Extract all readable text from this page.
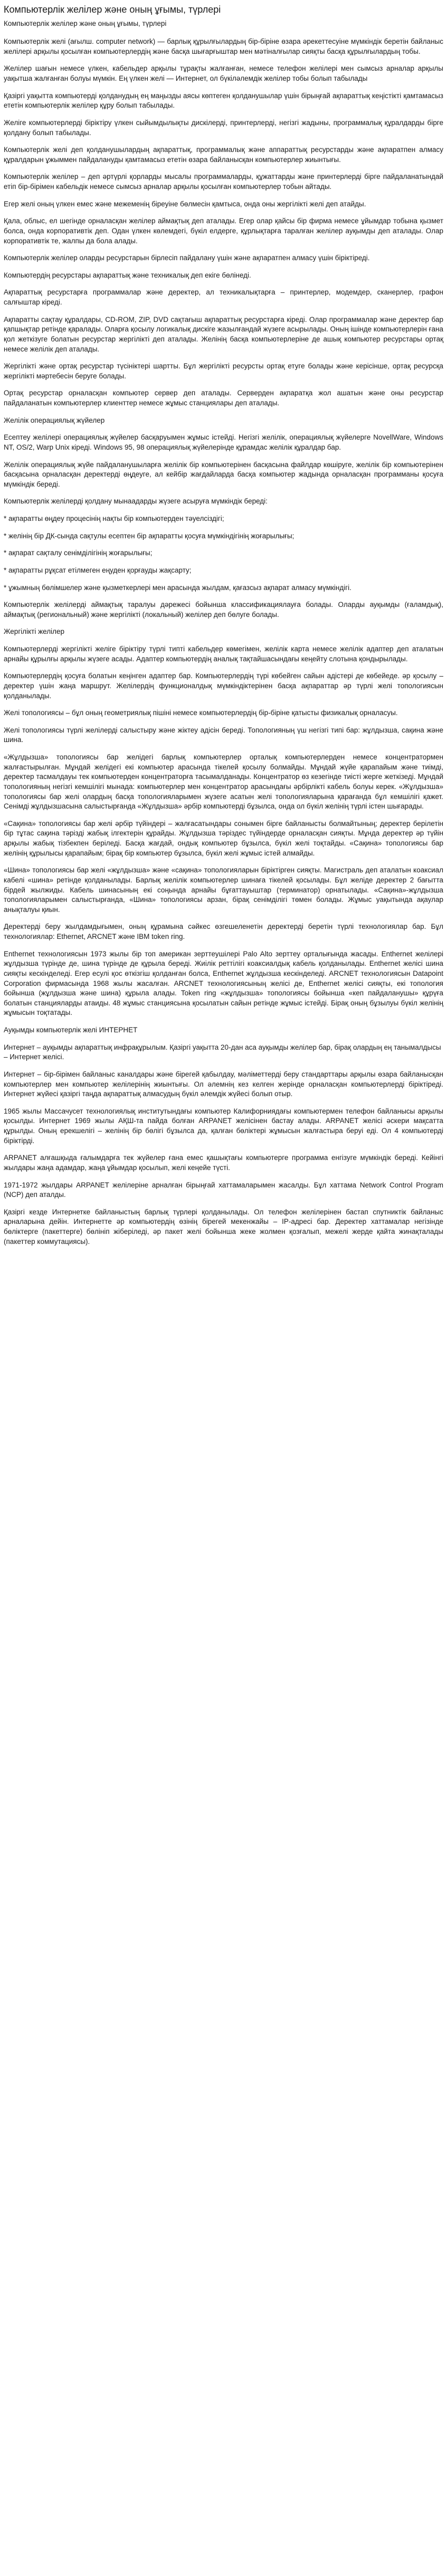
Компьютерлік желілер және оның ұғымы, түрлері
Компьютерлік желілер және оның ұғымы, түрлері

Компьютерлік желі (ағылш. computer network) — барлық құрылғылардың бір-біріне өзара әрекеттесуіне мүмкіндік беретін байланыс желілері арқылы қосылған компьютерлердің және басқа шығарғыштар мен мәтіналғылар сияқты басқа құрылғылардың тобы.

Желілер шағын немесе үлкен, кабельдер арқылы тұрақты жалғанған, немесе телефон желілері мен сымсыз арналар арқылы уақытша жалғанған болуы мүмкін. Ең үлкен желі — Интернет, ол бүкіләлемдік желілер тобы болып табылады

Қазіргі уақытта компьютерді қолданудың ең маңызды аясы көптеген қолданушылар үшін бірыңғай ақпараттық кеңістікті қамтамасыз ететін компьютерлік желілер құру болып табылады.

Желіге компьютерлерді біріктіру үлкен сыйымдылықты дискілерді, принтерлерді, негізгі жадыны, программалық құралдарды бірге қолдану болып табылады.

Компьютерлік желі деп қолданушылардың ақпараттық, программалық және аппараттық ресурстарды және ақпаратпен алмасу құралдарын ұжыммен пайдалануды қамтамасыз ететін өзара байланысқан компьютерлер жиынтығы.

Компьютерлік желілер – деп әртүрлі қорларды мысалы программаларды, құжаттарды және принтерлерді бірге пайдаланатындай етіп бір-бірімен кабельдік немесе сымсыз арналар арқылы қосылған компьютерлер тобын айтады.

Егер желі оның үлкен емес және межеменің біреуіне бөлмесін қамтыса, онда оны жергілікті желі деп атайды.

Қала, облыс, ел шегінде орналасқан желілер аймақтық деп аталады. Егер олар қайсы бір фирма немесе ұйымдар тобына қызмет болса, онда корпоративтік деп. Одан үлкен көлемдегі, бүкіл елдерге, құрлықтарға таралған желілер ауқымды деп аталады. Олар корпоративтік те, жалпы да бола алады.

Компьютерлік желілер оларды ресурстарын бірлесіп пайдалану үшін және ақпаратпен алмасу үшін біріктіреді.

Компьютердің ресурстары ақпараттық және техникалық деп екіге бөлінеді.

Ақпараттық ресурстарға программалар және деректер, ал техникалықтарға – принтерлер, модемдер, сканерлер, графон салғыштар кіреді.

Ақпаратты сақтау құралдары, CD-ROM, ZIP, DVD сақтағыш ақпараттық ресурстарға кіреді. Олар программалар және деректер бар қапшықтар ретінде қаралады. Оларға қосылу логикалық дискіге жазылғандай жүзеге асырылады. Оның ішінде компьютерлерін ғана қол жеткізуге болатын ресурстар жергілікті деп аталады. Желінің басқа компьютерлеріне де ашық компьютер ресурстары ортақ немесе желілік деп аталады.

Жергілікті және ортақ ресурстар түсініктері шартты. Бұл жергілікті ресурсты ортақ етуге болады және керісінше, ортақ ресурсқа жергілікті мәртебесін беруге болады.

Ортақ ресурстар орналасқан компьютер сервер деп аталады. Серверден ақпаратқа жол ашатын және оны ресурстар пайдаланатын компьютерлер клиенттер немесе жұмыс станциялары деп аталады.

Желілік операциялық жүйелер

Есептеу желілері операциялық жүйелер басқаруымен жұмыс істейді. Негізгі желілік, операциялық жүйелерге NovellWare, Windows NT, OS/2, Warp Unix кіреді. Windows 95, 98 операциялық жүйелерінде құрамдас желілік құралдар бар.

Желілік операциялық жүйе пайдаланушыларға желілік бір компьютерінен басқасына файлдар көшіруге, желілік бір компьютерінен басқасына орналасқан деректерді өңдеуге, ал кейбір жағдайларда басқа компьютер жадында орналасқан программаны қосуға мүмкіндік береді.

Компьютерлік желілерді қолдану мынаадарды жүзеге асыруға мүмкіндік береді:

* ақпаратты өңдеу процесінің нақты бір компьютерден тәуелсіздігі;

* желінің бір ДК-сында сақтулы есептен бір ақпаратты қосуға мүмкіндігінің жоғарылығы;

* ақпарат сақталу сенімділігінің жоғарылығы;

* ақпаратты рұқсат етілмеген еңуден қорғауды жақсарту;

* ұжымның бөлімшелер және қызметкерлері мен арасында жылдам, қағазсыз ақпарат алмасу мүмкіндігі.

Компьютерлік желілерді аймақтық таралуы дәрежесі бойынша классификациялауға болады. Оларды ауқымды (ғаламдық), аймақтық (региональный) және жергілікті (локальный) желілер деп бөлуге болады.

Жергілікті желілер

Компьютерлерді жергілікті желіге біріктіру түрлі типті кабельдер көмегімен, желілік карта немесе желілік адаптер деп аталатын арнайы құрылғы арқылы жүзеге асады. Адаптер компьютердің аналық тақтайшасындағы кеңейту слотына қондырылады.

Компьютерлердің қосуға болатын кеңінген адаптер бар. Компьютерлердің түрі көбейген сайын адістері де көбейеде. әр қосылу – деректер үшін жаңа маршрут. Желілердің функционалдық мүмкіндіктерінен басқа ақпараттар әр түрлі желі топологиясын қолданылады.

Желі топологиясы – бұл оның геометриялық пішіні немесе компьютерлердің бір-біріне қатысты физикалық орналасуы.

Желі топологиясы түрлі желілерді салыстыру және жіктеу адісін береді. Топологияның үш негізгі типі бар: жұлдызша, сақина және шина.

«Жұлдызша» топологиясы бар желідегі барлық компьютерлер орталық компьютерлерден немесе концентратормен жалғастырылған. Мұндай желідегі екі компьютер арасында тікелей қосылу болмайды. Мұндай жүйе қарапайым және тиімді, деректер тасмалдауы тек компьютерден концентраторға тасымалданады. Концентратор өз кезегінде тиісті жерге жеткізеді. Мұндай топологияның негізгі кемшілігі мынада: компьютерлер мен концентратор арасындағы әрбірлікті кабель болуы керек. «Жұлдызша» топологиясы бар желі олардың басқа топологияларымен жүзеге асатын желі топологияларына қарағанда бұл кемшілігі қажет. Сенімді жұлдызшасына салыстырғанда «Жұлдызша» әрбір компьютерді бұзылса, онда ол бүкіл желінің түрлі істен шығарады.

«Сақина» топологиясы бар желі әрбір түйіндері – жалғасатындары сонымен бірге байланысты болмайтының; деректер берілетін бір тұтас сақина тәрізді жабық ілгектерін құрайды. Жұлдызша тәріздес түйіндерде орналасқан сияқты. Мұнда деректер әр түйін арқылы жабық тізбекпен беріледі. Басқа жағдай, ондық компьютер бұзылса, бүкіл желі тоқтайды. «Сақина» топологиясы бар желінің құрылысы қарапайым; бірақ бір компьютер бұзылса, бүкіл желі жұмыс істей алмайды.

«Шина» топологиясы бар желі «жұлдызша» және «сақина» топологияларын біріктірген сияқты. Магистраль деп аталатын коаксиал кабелі «шина» ретінде қолданылады. Барлық желілік компьютерлер шинаға тікелей қосылады. Бұл желіде деректер 2 бағытта бірдей жылжиды. Кабель шинасының екі соңында арнайы бұғаттауыштар (терминатор) орнатылады. «Сақина»-жұлдызша топологияларымен салыстырғанда, «Шина» топологиясы арзан, бірақ сенімділігі төмен болады. Жұмыс уақытында ақаулар анықталуы қиын.

Деректерді беру жылдамдығымен, оның құрамына сәйкес өзгешеленетін деректерді беретін түрлі технологиялар бар. Бұл технологиялар: Ethernet, ARCNET және IBM token ring.

Enthernet технологиясын 1973 жылы бір топ американ зерттеушілері Palo Alto зерттеу орталығында жасады. Enthernet желілері жұлдызша түрінде де, шина түрінде де құрыла береді. Жиілік реттілігі коаксиалдық кабель қолданылады. Enthernet желісі шина сияқты кескінделеді. Егер есулі қос өткізгіш қолданған болса, Enthernet жұлдызша кескінделеді. ARCNET технологиясын Datapoint Corporation фирмасында 1968 жылы жасалған. ARCNET технологиясының желісі де, Enthernet желісі сияқты, екі топология бойынша (жұлдызша және шина) құрыла алады. Token ring «жұлдызша» топологиясы бойынша «кеп пайдаланушы» құрүға болатын станцияларды атаиды. 48 жұмыс станциясына қосылатын сайын ретінде жұмыс істейді. Бірақ оның бұзылуы бүкіл желінің жұмысын тоқтатады.

Ауқымды компьютерлік желі ИНТЕРНЕТ

Интернет – ауқымды ақпараттық инфрақұрылым. Қазіргі уақытта 20-дан аса ауқымды желілер бар, бірақ олардың ең танымалдысы – Интернет желісі.

Интернет – бір-бірімен байланыс каналдары және бірегей қабылдау, мәліметтерді беру стандарттары арқылы өзара байланысқан компьютерлер мен компьютер желілерінің жиынтығы. Ол әлемнің кез келген жерінде орналасқан компьютерлерді біріктіреді. Интернет жүйесі қазіргі таңда ақпараттық алмасудың бүкіл әлемдік жүйесі болып отыр.

1965 жылы Массачусет технологиялық институтындағы компьютер Калифорниядағы компьютермен телефон байланысы арқылы қосылды. Интернет 1969 жылы АҚШ-та пайда болған ARPANET желісінен бастау алады. ARPANET желісі әскери мақсатта құрылды. Оның ерекшелігі – желінің бір бөлігі бұзылса да, қалған бөліктері жұмысын жалғастыра беруі еді. Ол 4 компьютерді біріктірді.

ARPANET алғашқыда ғалымдарға тек жүйелер ғана емес қашықтағы компьютерге программа енгізуге мүмкіндік береді. Кейінгі жылдары жаңа адамдар, жаңа ұйымдар қосылып, желі кеңейе түсті.

1971-1972 жылдары ARPANET желілеріне арналған бірыңғай хаттамаларымен жасалды. Бұл хаттама Network Control Program (NCP) деп аталды.

Қазіргі кезде Интернетке байланыстың барлық түрлері қолданылады. Ол телефон желілерінен бастап спутниктік байланыс арналарына дейін. Интернетте әр компьютердің өзінің бірегей мекенжайы – IP-адресі бар. Деректер хаттамалар негізінде бөліктерге (пакеттерге) бөлініп жіберіледі, әр пакет желі бойынша жеке жолмен қозғалып, межелі жерде қайта жинақталады (пакеттер коммутациясы).
